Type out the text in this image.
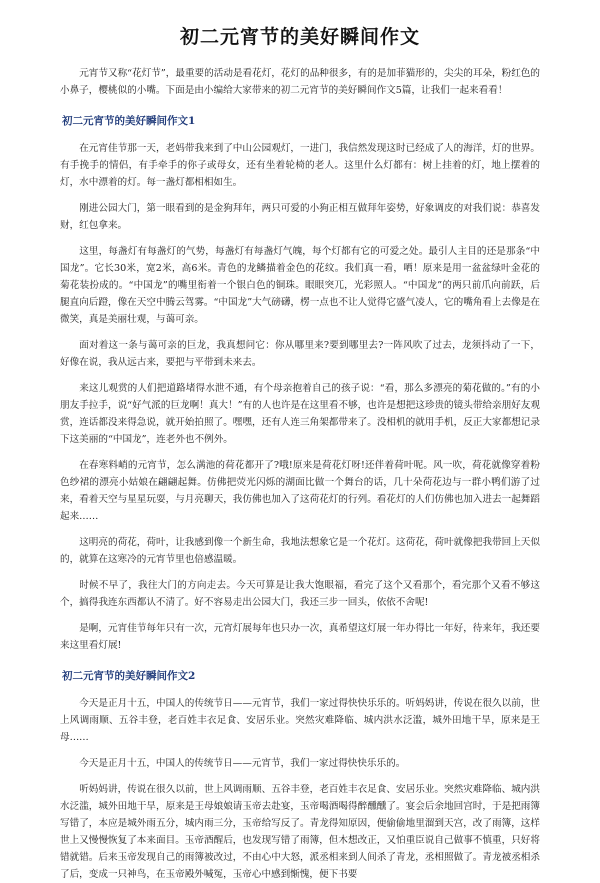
初二元宵节的美好瞬间作文

元宵节又称“花灯节”，最重要的活动是看花灯，花灯的品种很多，有的是加菲猫形的，尖尖的耳朵，粉红色的小鼻子，樱桃似的小嘴。下面是由小编给大家带来的初二元宵节的美好瞬间作文5篇，让我们一起来看看！

初二元宵节的美好瞬间作文1

在元宵佳节那一天，老妈带我来到了中山公园观灯，一进门，我信然发现这时已经成了人的海洋，灯的世界。有手挽手的情侣，有手牵手的你子或母女，还有坐着轮椅的老人。这里什么灯都有：树上挂着的灯，地上摆着的灯，水中漂着的灯。每一盏灯都相相如生。

刚进公园大门，第一眼看到的是金狗拜年，两只可爱的小狗正相互做拜年姿势，好象调皮的对我们说：恭喜发财，红包拿来。

这里，每盏灯有每盏灯的气势，每盏灯有每盏灯气魄，每个灯都有它的可爱之处。最引人主目的还是那条“中国龙”。它长30米，宽2米，高6米。青色的龙鳞描着金色的花纹。我们真一看，哂！原来是用一盆盆绿叶金花的菊花装扮成的。“中国龙”的嘴里衔着一个银白色的铜珠。眼眼突兀，光彩照人。“中国龙”的两只前爪向前跃，后腿直向后蹬，像在天空中腾云驾雾。“中国龙”大气磅礴，楞一点也不让人觉得它盛气凌人，它的嘴角看上去像是在微笑，真是美丽壮观，与蔼可亲。

面对着这一条与蔼可亲的巨龙，我真想问它：你从哪里来?要到哪里去?一阵风吹了过去，龙须抖动了一下，好像在说，我从远古来，要把与平带到未来去。

来这儿观赏的人们把道路堵得水泄不通，有个母亲抱着自己的孩子说：“看，那么多漂亮的菊花做的。”有的小朋友手拉手，说“好气派的巨龙啊！真大！”有的人也许是在这里看不够，也许是想把这珍贵的镜头带给亲朋好友观赏，连话都没来得急说，就开始拍照了。嘿嘿，还有人连三角架都带来了。没相机的就用手机，反正大家都想记录下这美丽的“中国龙”，连老外也不例外。

在春寒料峭的元宵节，怎么满池的荷花都开了?哦!原来是荷花灯呀!还伴着荷叶呢。风一吹，荷花就像穿着粉色纱裙的漂亮小姑娘在翩翩起舞。仿佛把荧光闪烁的湖面比做一个舞台的话，几十朵荷花边与一群小鸭们游了过来，看着天空与星星玩耍，与月亮聊天，我仿佛也加入了这荷花灯的行列。看花灯的人们仿佛也加入进去一起舞蹈起来……

这明亮的荷花，荷叶，让我感到像一个新生命，我地法想象它是一个花灯。这荷花，荷叶就像把我带回上天似的，就算在这寒冷的元宵节里也倍感温暖。

时候不早了，我往大门的方向走去。今天可算是让我大饱眼福，看完了这个又看那个，看完那个又看不够这个，搞得我连东西都认不清了。好不容易走出公园大门，我还三步一回头，依依不舍呢!

是啊，元宵佳节每年只有一次，元宵灯展每年也只办一次，真希望这灯展一年办得比一年好，待来年，我还要来这里看灯展!

初二元宵节的美好瞬间作文2

今天是正月十五，中国人的传统节日——元宵节，我们一家过得快快乐乐的。听妈妈讲，传说在很久以前，世上风调雨顺、五谷丰登，老百姓丰衣足食、安居乐业。突然灾难降临、城内洪水泛滥，城外田地干旱，原来是王母……

今天是正月十五，中国人的传统节日——元宵节，我们一家过得快快乐乐的。

听妈妈讲，传说在很久以前，世上风调雨顺、五谷丰登，老百姓丰衣足食、安居乐业。突然灾难降临、城内洪水泛滥，城外田地干旱，原来是王母娘娘请玉帝去赴宴，玉帝喝酒喝得醉醺醺了。宴会后余地回宫时，于是把雨簿写错了，本应是城外雨五分，城内雨三分，玉帝给写反了。青龙得知原因，便偷偷地里溜到天宫，改了雨簿，这样世上又慢慢恢复了本来面目。玉帝酒醒后，也发现写错了雨簿，但木想改正，又怕重臣说自己做事不慎重，只好将错就错。后来玉帝发现自己的雨簿被改过，不由心中大怒，派丞相来到人间杀了青龙，丞相照做了。青龙被丞相杀了后，变成一只神鸟，在玉帝殿外喊冤，玉帝心中感到惭愧，便下书要
